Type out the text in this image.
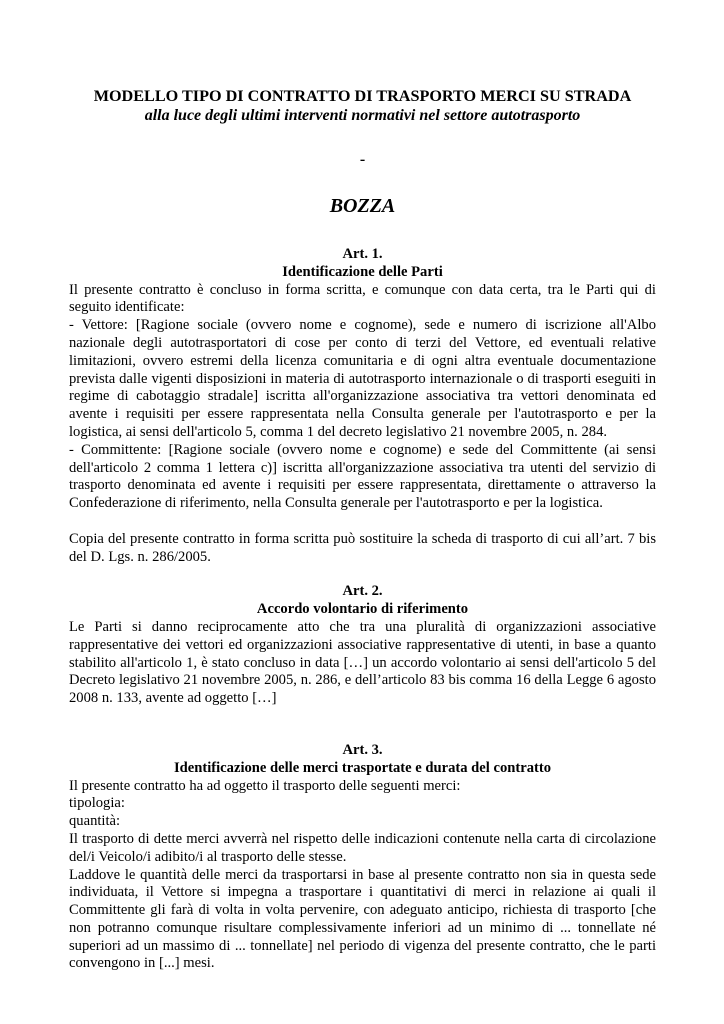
MODELLO TIPO DI CONTRATTO DI TRASPORTO MERCI SU STRADA

alla luce degli ultimi interventi normativi nel settore autotrasporto

-
BOZZA

Art. 1.

Identificazione delle Parti

Il presente contratto è concluso in forma scritta, e comunque con data certa, tra le Parti qui di seguito identificate:

- Vettore: [Ragione sociale (ovvero nome e cognome), sede e numero di iscrizione all'Albo nazionale degli autotrasportatori di cose per conto di terzi del Vettore, ed eventuali relative limitazioni, ovvero estremi della licenza comunitaria e di ogni altra eventuale documentazione prevista dalle vigenti disposizioni in materia di autotrasporto internazionale o di trasporti eseguiti in regime di cabotaggio stradale] iscritta all'organizzazione associativa tra vettori denominata ed avente i requisiti per essere rappresentata nella Consulta generale per l'autotrasporto e per la logistica, ai sensi dell'articolo 5, comma 1 del decreto legislativo 21 novembre 2005, n. 284.

- Committente: [Ragione sociale (ovvero nome e cognome) e sede del Committente (ai sensi dell'articolo 2 comma 1 lettera c)] iscritta all'organizzazione associativa tra utenti del servizio di trasporto denominata ed avente i requisiti per essere rappresentata, direttamente o attraverso la Confederazione di riferimento, nella Consulta generale per l'autotrasporto e per la logistica.

Copia del presente contratto in forma scritta può sostituire la scheda di trasporto di cui all’art. 7 bis del D. Lgs. n. 286/2005.

Art. 2.

Accordo volontario di riferimento

Le Parti si danno reciprocamente atto che tra una pluralità di organizzazioni associative rappresentative dei vettori ed organizzazioni associative rappresentative di utenti, in base a quanto stabilito all'articolo 1, è stato concluso in data […] un accordo volontario ai sensi dell'articolo 5 del Decreto legislativo 21 novembre 2005, n. 286, e dell’articolo 83 bis comma 16 della Legge 6 agosto 2008 n. 133, avente ad oggetto […]

Art. 3.

Identificazione delle merci trasportate e durata del contratto

Il presente contratto ha ad oggetto il trasporto delle seguenti merci:

tipologia:

quantità:

Il trasporto di dette merci avverrà nel rispetto delle indicazioni contenute nella carta di circolazione del/i Veicolo/i adibito/i al trasporto delle stesse.

Laddove le quantità delle merci da trasportarsi in base al presente contratto non sia in questa sede individuata, il Vettore si impegna a trasportare i quantitativi di merci in relazione ai quali il Committente gli farà di volta in volta pervenire, con adeguato anticipo, richiesta di trasporto [che non potranno comunque risultare complessivamente inferiori ad un minimo di ... tonnellate né superiori ad un massimo di ... tonnellate] nel periodo di vigenza del presente contratto, che le parti convengono in [...] mesi.
